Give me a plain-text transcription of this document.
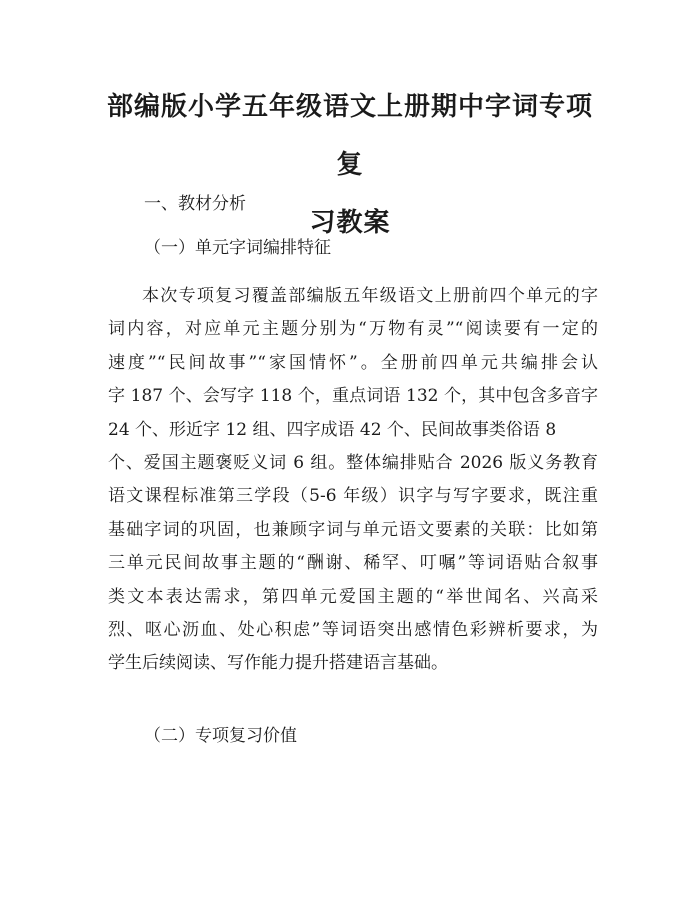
部编版小学五年级语文上册期中字词专项复
习教案

一、教材分析

（一）单元字词编排特征

本次专项复习覆盖部编版五年级语文上册前四个单元的字
词内容，对应单元主题分别为“万物有灵”“阅读要有一定的
速度”“民间故事”“家国情怀”。全册前四单元共编排会认
字 187 个、会写字 118 个，重点词语 132 个，其中包含多音字
24 个、形近字 12 组、四字成语 42 个、民间故事类俗语 8
个、爱国主题褒贬义词 6 组。整体编排贴合 2026 版义务教育
语文课程标准第三学段（5-6 年级）识字与写字要求，既注重
基础字词的巩固，也兼顾字词与单元语文要素的关联：比如第
三单元民间故事主题的“酬谢、稀罕、叮嘱”等词语贴合叙事
类文本表达需求，第四单元爱国主题的“举世闻名、兴高采
烈、呕心沥血、处心积虑”等词语突出感情色彩辨析要求，为
学生后续阅读、写作能力提升搭建语言基础。

（二）专项复习价值
